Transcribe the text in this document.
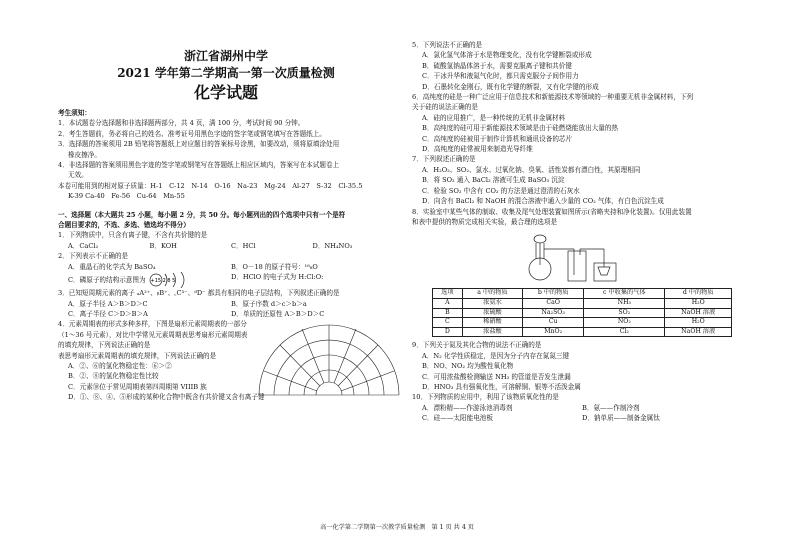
浙江省湖州中学
2021 学年第二学期高一第一次质量检测
化学试题

考生须知：

1．本试题卷分选择题和非选择题两部分，共 4 页，满 100 分，考试时间 90 分钟。

2．考生答题前，务必将自己的姓名、准考证号用黑色字迹的签字笔或钢笔填写在答题纸上。

3．选择题的答案须用 2B 铅笔将答题纸上对应题目的答案标号涂黑，如要改动，须将原填涂处用

橡皮擦净。

4．非选择题的答案须用黑色字迹的签字笔或钢笔写在答题纸上相应区域内，答案写在本试题卷上

无效。

本卷可能用到的相对原子质量：H-1　C-12　N-14　O-16　Na-23　Mg-24　Al-27　S-32　Cl-35.5

K-39 Ca-40　Fe-56　Cu-64　Mn-55

一、选择题（本大题共 25 小题，每小题 2 分，共 50 分。每小题列出的四个选项中只有一个是符

合题目要求的，不选、多选、错选均不得分）

1．下列物质中，只含有离子键，不含有共价键的是

A．CaCl₂	B．KOH	C．HCl	D．NH₄NO₃

2．下列表示不正确的是

A．重晶石的化学式为 BaSO₄	B．O－18 的原子符号：¹⁸₈O
C．磷原子的结构示意图为 +15 2 8 5	D．HClO 的电子式为 H:Cl:O:

3．已知短周期元素的离子 ₐA²⁺、ᵦB⁺、꜀C³⁻、ᵈD⁻ 都具有相同的电子层结构，下列叙述正确的是

A．原子半径 A＞B＞D＞C	B．原子序数 d＞c＞b＞a
C．离子半径 C＞D＞B＞A	D．单质的还原性 A＞B＞D＞C

4．元素周期表的形式多种多样，下图是扇形元素周期表的一部分

（1～36 号元素），对比中学常见元素周期表思考扇形元素周期表的填充规律，下列说法正确的是

表思考扇形元素周期表的填充规律，下列说法正确的是

A．②、⑥的氢化物稳定性：⑥＞②

B．②、⑧的氢化物稳定性比较

C．元素⑩位于常见周期表第四周期第 VIIIB 族

D．①、⑧、④、⑤形成的某种化合物中既含有共价键又含有离子键

5．下列说法不正确的是

A．氯化氢气体溶于水是物理变化，没有化学键断裂或形成

B．硫酸氢钠晶体溶于水，需要克服离子键和共价键

C．干冰升华和液氮气化时，都只需克服分子间作用力

D．石墨转化金刚石，既有化学键的断裂，又有化学键的形成

6．高纯度的硅是一种广泛应用于信息技术和新能源技术等领域的一种重要无机非金属材料，下列

关于硅的说法正确的是

A．硅的应用推广，是一种传统的无机非金属材料

B．高纯度的硅可用于新能源技术领域是由于硅燃烧能放出大量的热

C．高纯度的硅被用于制作计算机和通讯设备的芯片

D．高纯度的硅常被用来制造光导纤维

7．下列叙述正确的是

A．H₂O₂、SO₂、氯水、过氧化钠、臭氧、活性炭都有漂白性，其原理相同

B．将 SO₂ 通入 BaCl₂ 溶液可生成 BaSO₃ 沉淀

C．检验 SO₂ 中含有 CO₂ 的方法是通过澄清的石灰水

D．向含有 BaCl₂ 和 NaOH 的混合溶液中通入少量的 CO₂ 气体，有白色沉淀生成

8．实验室中某些气体的制取、收集及尾气处理装置如图所示(省略夹持和净化装置)。仅用此装置

和表中提供的物质完成相关实验，最合理的选项是

选项	a 中的物质	b 中的物质	c 中收集的气体	d 中的物质
A	浓氨水	CaO	NH₃	H₂O
B	浓硫酸	Na₂SO₃	SO₂	NaOH 溶液
C	稀硝酸	Cu	NO₂	H₂O
D	浓盐酸	MnO₂	Cl₂	NaOH 溶液

9．下列关于氮及其化合物的说法不正确的是

A．N₂ 化学性质稳定，是因为分子内存在氮氮三键

B．NO、NO₂ 均为酸性氧化物

C．可用浓盐酸检测输送 NH₃ 的管道是否发生泄漏

D．HNO₃ 具有强氧化性，可溶解铜、银等不活泼金属

10．下列物质的应用中，利用了该物质氧化性的是

A．漂粉精——作游泳池消毒剂	B．氨——作制冷剂
C．硅——太阳能电池板	D．钠单质——制备金属钛
高一化学第二学期第一次教学质量检测　第 1 页 共 4 页
